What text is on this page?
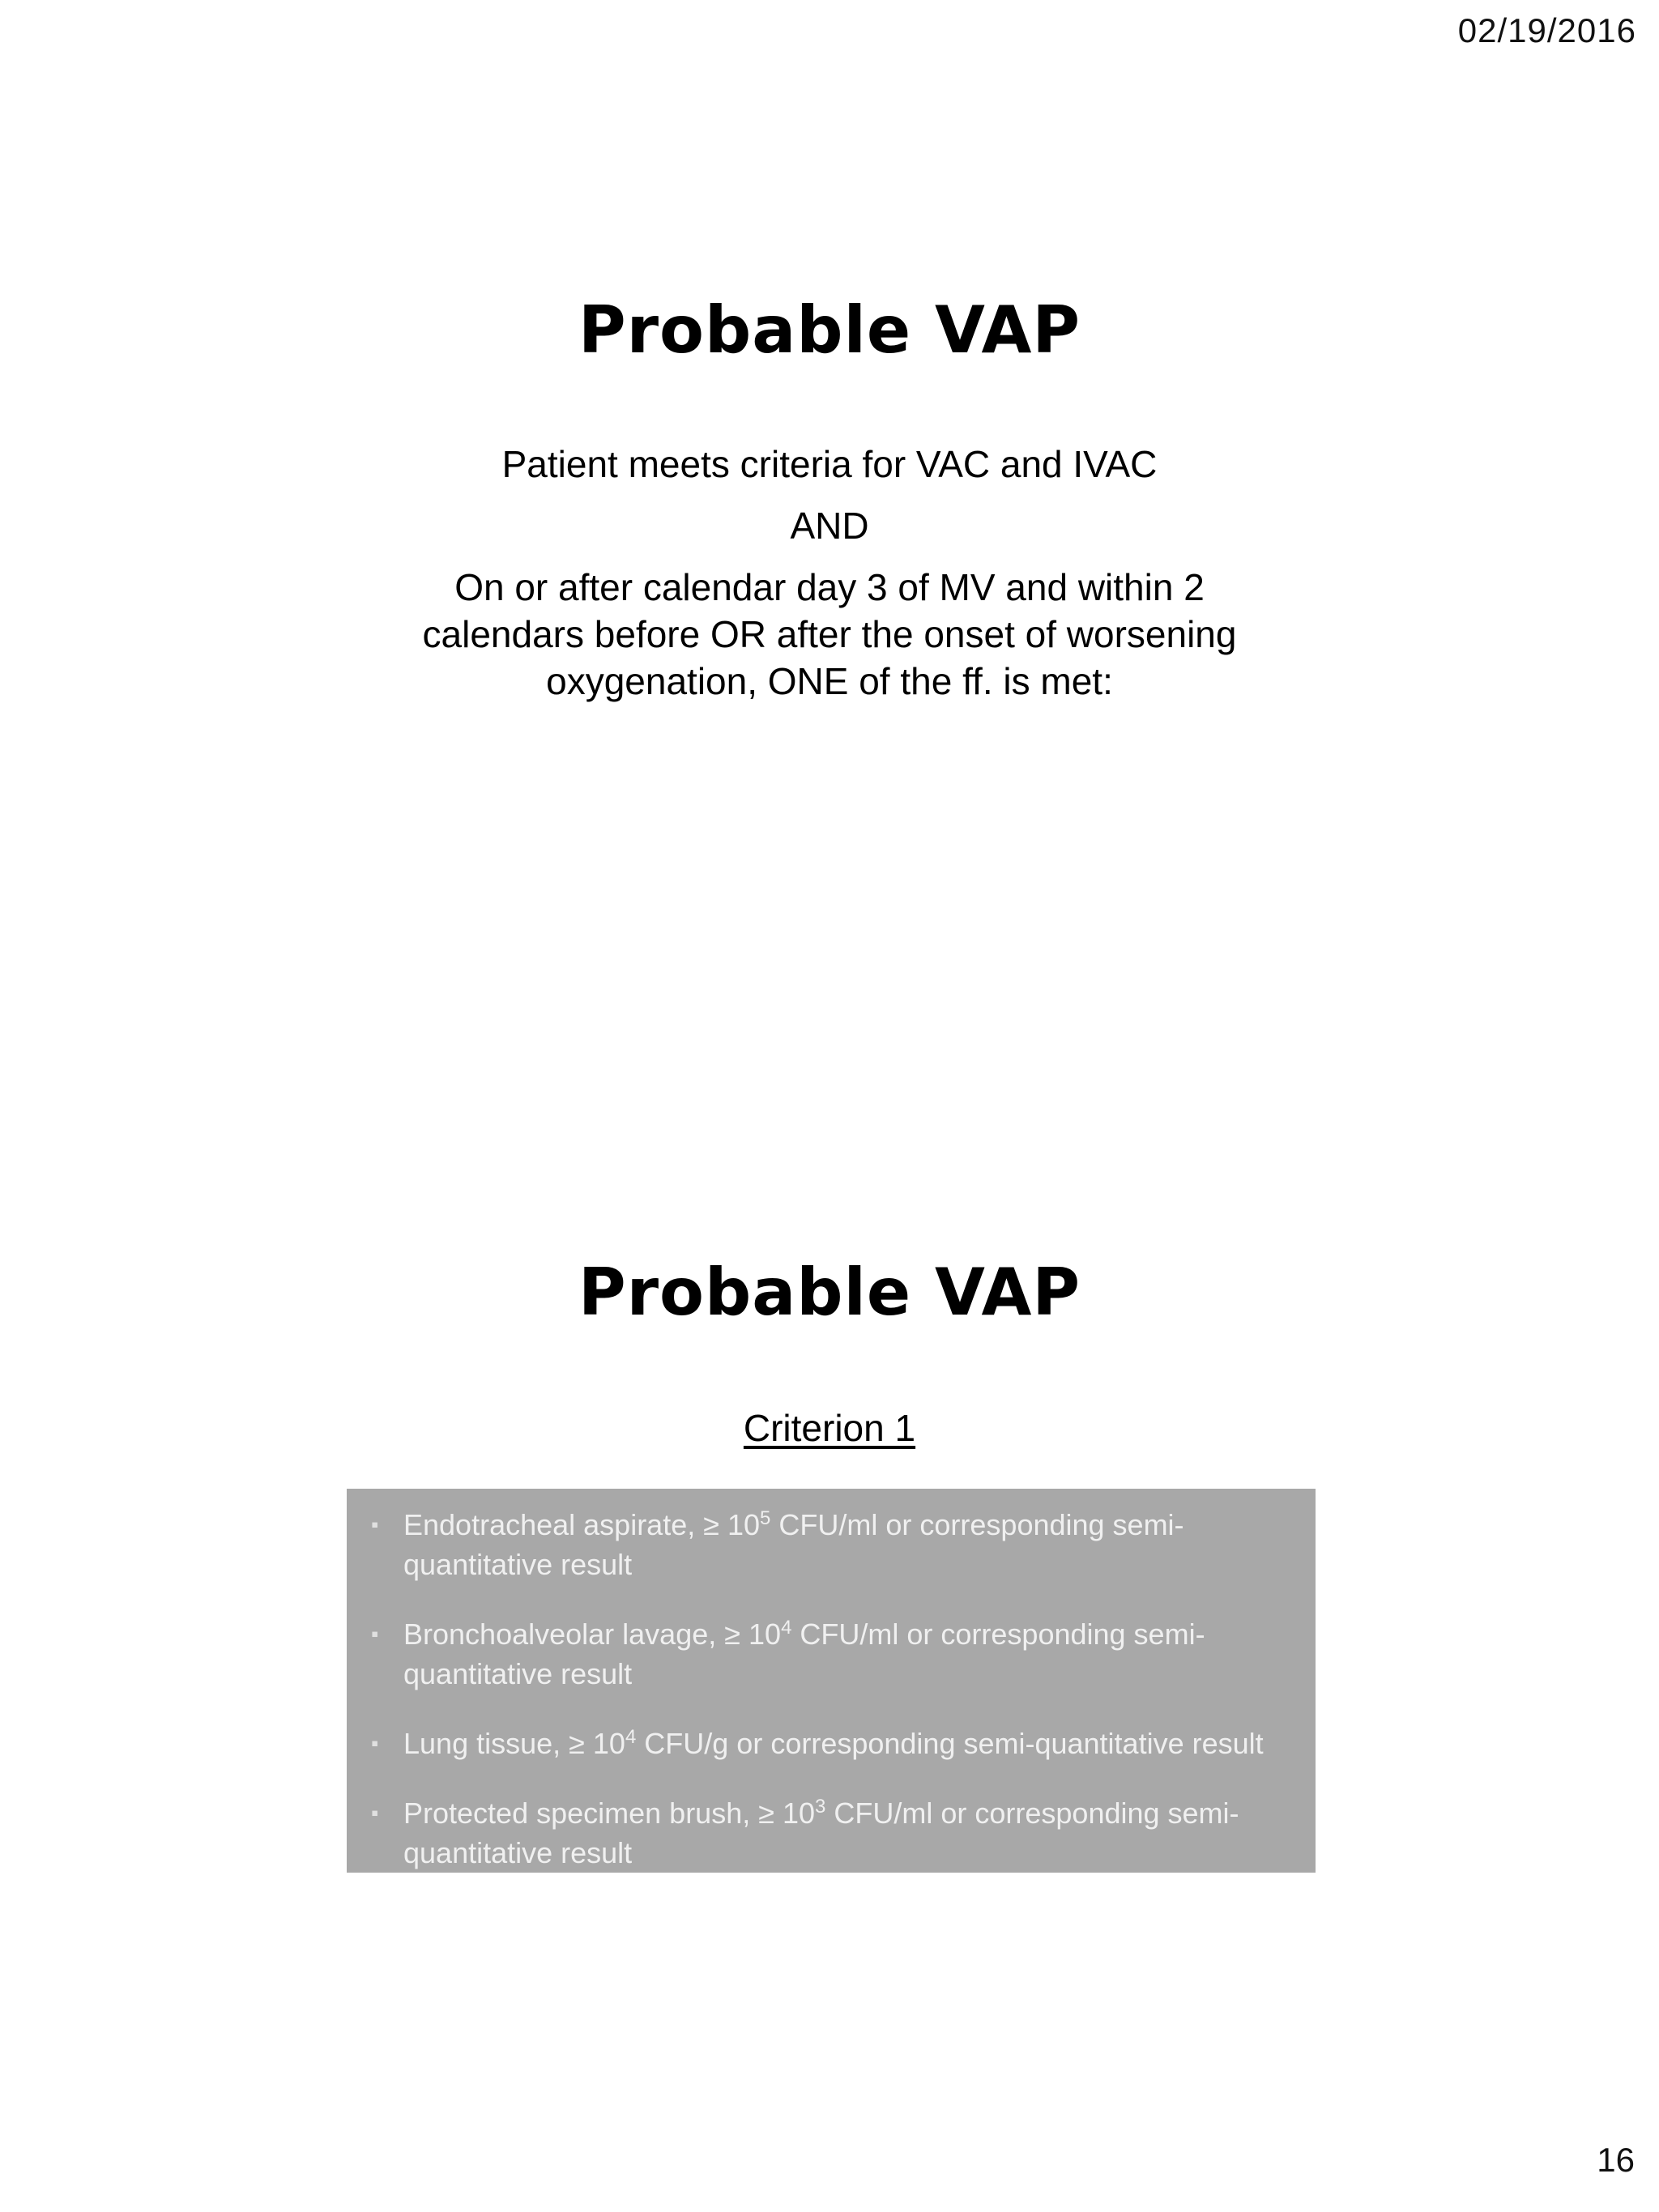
02/19/2016
Probable VAP

Patient meets criteria for VAC and IVAC

AND

On or after calendar day 3 of MV and within 2 calendars before OR after the onset of worsening oxygenation, ONE of the ff. is met:

Probable VAP
Criterion 1
▪ Endotracheal aspirate, ≥ $10^5$ CFU/ml or corresponding semi-quantitative result
▪ Bronchoalveolar lavage, ≥ $10^4$ CFU/ml or corresponding semi-quantitative result
▪ Lung tissue, ≥ $10^4$ CFU/g or corresponding semi-quantitative result
▪ Protected specimen brush, ≥ $10^3$ CFU/ml or corresponding semi-quantitative result
16
